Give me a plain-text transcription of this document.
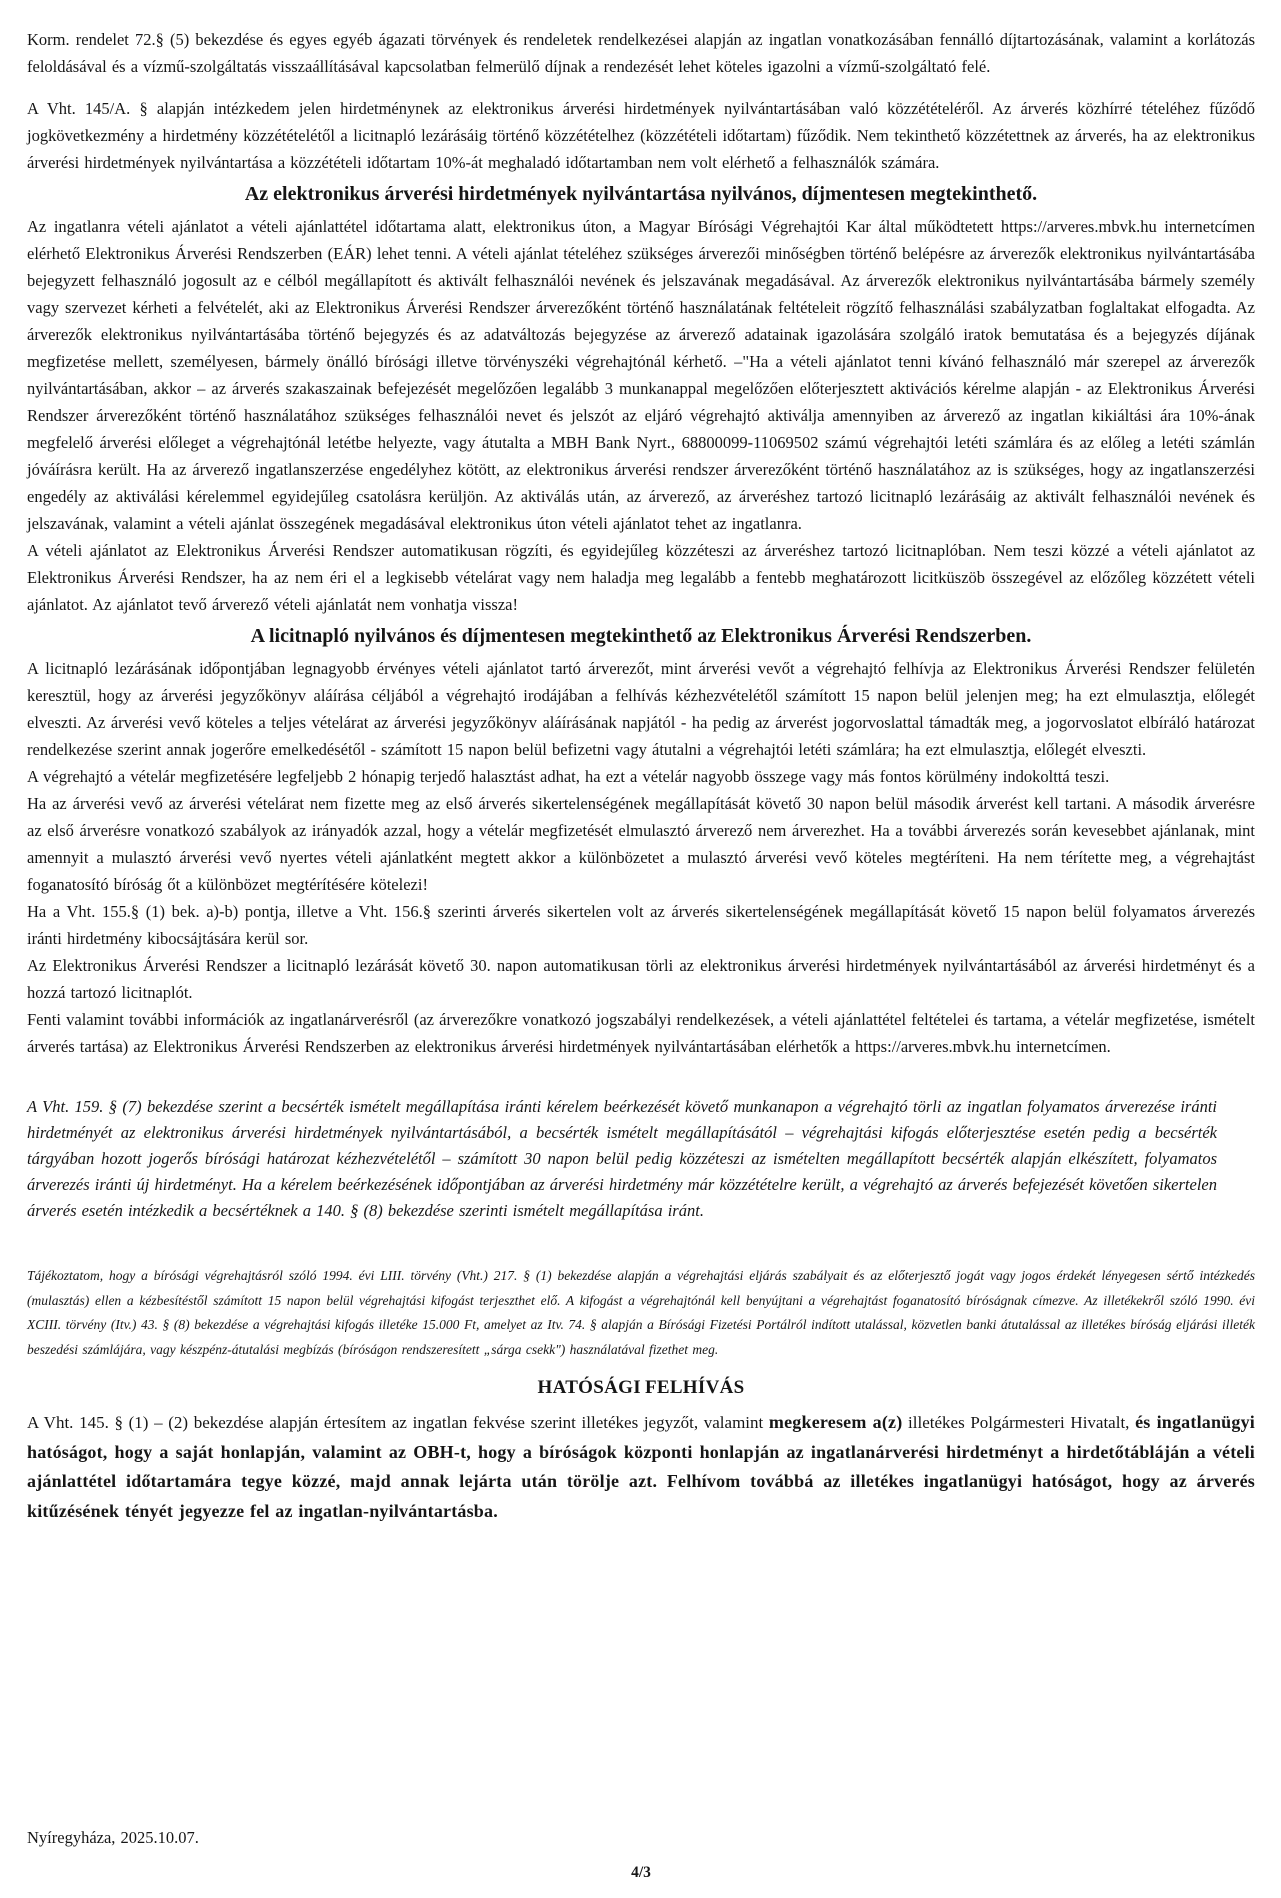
Korm. rendelet 72.§ (5) bekezdése és egyes egyéb ágazati törvények és rendeletek rendelkezései alapján az ingatlan vonatkozásában fennálló díjtartozásának, valamint a korlátozás feloldásával és a vízmű-szolgáltatás visszaállításával kapcsolatban felmerülő díjnak a rendezését lehet köteles igazolni a vízmű-szolgáltató felé.

A Vht. 145/A. § alapján intézkedem jelen hirdetménynek az elektronikus árverési hirdetmények nyilvántartásában való közzétételéről. Az árverés közhírré tételéhez fűződő jogkövetkezmény a hirdetmény közzétételétől a licitnapló lezárásáig történő közzétételhez (közzétételi időtartam) fűződik. Nem tekinthető közzétettnek az árverés, ha az elektronikus árverési hirdetmények nyilvántartása a közzétételi időtartam 10%-át meghaladó időtartamban nem volt elérhető a felhasználók számára.

Az elektronikus árverési hirdetmények nyilvántartása nyilvános, díjmentesen megtekinthető.

Az ingatlanra vételi ajánlatot a vételi ajánlattétel időtartama alatt, elektronikus úton, a Magyar Bírósági Végrehajtói Kar által működtetett https://arveres.mbvk.hu internetcímen elérhető Elektronikus Árverési Rendszerben (EÁR) lehet tenni. A vételi ajánlat tételéhez szükséges árverezői minőségben történő belépésre az árverezők elektronikus nyilvántartásába bejegyzett felhasználó jogosult az e célból megállapított és aktivált felhasználói nevének és jelszavának megadásával. Az árverezők elektronikus nyilvántartásába bármely személy vagy szervezet kérheti a felvételét, aki az Elektronikus Árverési Rendszer árverezőként történő használatának feltételeit rögzítő felhasználási szabályzatban foglaltakat elfogadta. Az árverezők elektronikus nyilvántartásába történő bejegyzés és az adatváltozás bejegyzése az árverező adatainak igazolására szolgáló iratok bemutatása és a bejegyzés díjának megfizetése mellett, személyesen, bármely önálló bírósági illetve törvényszéki végrehajtónál kérhető. –"Ha a vételi ajánlatot tenni kívánó felhasználó már szerepel az árverezők nyilvántartásában, akkor – az árverés szakaszainak befejezését megelőzően legalább 3 munkanappal megelőzően előterjesztett aktivációs kérelme alapján - az Elektronikus Árverési Rendszer árverezőként történő használatához szükséges felhasználói nevet és jelszót az eljáró végrehajtó aktiválja amennyiben az árverező az ingatlan kikiáltási ára 10%-ának megfelelő árverési előleget a végrehajtónál letétbe helyezte, vagy átutalta a MBH Bank Nyrt., 68800099-11069502 számú végrehajtói letéti számlára és az előleg a letéti számlán jóváírásra került. Ha az árverező ingatlanszerzése engedélyhez kötött, az elektronikus árverési rendszer árverezőként történő használatához az is szükséges, hogy az ingatlanszerzési engedély az aktiválási kérelemmel egyidejűleg csatolásra kerüljön. Az aktiválás után, az árverező, az árveréshez tartozó licitnapló lezárásáig az aktivált felhasználói nevének és jelszavának, valamint a vételi ajánlat összegének megadásával elektronikus úton vételi ajánlatot tehet az ingatlanra.

A vételi ajánlatot az Elektronikus Árverési Rendszer automatikusan rögzíti, és egyidejűleg közzéteszi az árveréshez tartozó licitnaplóban. Nem teszi közzé a vételi ajánlatot az Elektronikus Árverési Rendszer, ha az nem éri el a legkisebb vételárat vagy nem haladja meg legalább a fentebb meghatározott licitküszöb összegével az előzőleg közzétett vételi ajánlatot. Az ajánlatot tevő árverező vételi ajánlatát nem vonhatja vissza!

A licitnapló nyilvános és díjmentesen megtekinthető az Elektronikus Árverési Rendszerben.

A licitnapló lezárásának időpontjában legnagyobb érvényes vételi ajánlatot tartó árverezőt, mint árverési vevőt a végrehajtó felhívja az Elektronikus Árverési Rendszer felületén keresztül, hogy az árverési jegyzőkönyv aláírása céljából a végrehajtó irodájában a felhívás kézhezvételétől számított 15 napon belül jelenjen meg; ha ezt elmulasztja, előlegét elveszti. Az árverési vevő köteles a teljes vételárat az árverési jegyzőkönyv aláírásának napjától - ha pedig az árverést jogorvoslattal támadták meg, a jogorvoslatot elbíráló határozat rendelkezése szerint annak jogerőre emelkedésétől - számított 15 napon belül befizetni vagy átutalni a végrehajtói letéti számlára; ha ezt elmulasztja, előlegét elveszti.

A végrehajtó a vételár megfizetésére legfeljebb 2 hónapig terjedő halasztást adhat, ha ezt a vételár nagyobb összege vagy más fontos körülmény indokolttá teszi.

Ha az árverési vevő az árverési vételárat nem fizette meg az első árverés sikertelenségének megállapítását követő 30 napon belül második árverést kell tartani. A második árverésre az első árverésre vonatkozó szabályok az irányadók azzal, hogy a vételár megfizetését elmulasztó árverező nem árverezhet. Ha a további árverezés során kevesebbet ajánlanak, mint amennyit a mulasztó árverési vevő nyertes vételi ajánlatként megtett akkor a különbözetet a mulasztó árverési vevő köteles megtéríteni. Ha nem térítette meg, a végrehajtást foganatosító bíróság őt a különbözet megtérítésére kötelezi!

Ha a Vht. 155.§ (1) bek. a)-b) pontja, illetve a Vht. 156.§ szerinti árverés sikertelen volt az árverés sikertelenségének megállapítását követő 15 napon belül folyamatos árverezés iránti hirdetmény kibocsájtására kerül sor.

Az Elektronikus Árverési Rendszer a licitnapló lezárását követő 30. napon automatikusan törli az elektronikus árverési hirdetmények nyilvántartásából az árverési hirdetményt és a hozzá tartozó licitnaplót.

Fenti valamint további információk az ingatlanárverésről (az árverezőkre vonatkozó jogszabályi rendelkezések, a vételi ajánlattétel feltételei és tartama, a vételár megfizetése, ismételt árverés tartása) az Elektronikus Árverési Rendszerben az elektronikus árverési hirdetmények nyilvántartásában elérhetők a https://arveres.mbvk.hu internetcímen.

A Vht. 159. § (7) bekezdése szerint a becsérték ismételt megállapítása iránti kérelem beérkezését követő munkanapon a végrehajtó törli az ingatlan folyamatos árverezése iránti hirdetményét az elektronikus árverési hirdetmények nyilvántartásából, a becsérték ismételt megállapításától – végrehajtási kifogás előterjesztése esetén pedig a becsérték tárgyában hozott jogerős bírósági határozat kézhezvételétől – számított 30 napon belül pedig közzéteszi az ismételten megállapított becsérték alapján elkészített, folyamatos árverezés iránti új hirdetményt. Ha a kérelem beérkezésének időpontjában az árverési hirdetmény már közzétételre került, a végrehajtó az árverés befejezését követően sikertelen árverés esetén intézkedik a becsértéknek a 140. § (8) bekezdése szerinti ismételt megállapítása iránt.

Tájékoztatom, hogy a bírósági végrehajtásról szóló 1994. évi LIII. törvény (Vht.) 217. § (1) bekezdése alapján a végrehajtási eljárás szabályait és az előterjesztő jogát vagy jogos érdekét lényegesen sértő intézkedés (mulasztás) ellen a kézbesítéstől számított 15 napon belül végrehajtási kifogást terjeszthet elő. A kifogást a végrehajtónál kell benyújtani a végrehajtást foganatosító bíróságnak címezve. Az illetékekről szóló 1990. évi XCIII. törvény (Itv.) 43. § (8) bekezdése a végrehajtási kifogás illetéke 15.000 Ft, amelyet az Itv. 74. § alapján a Bírósági Fizetési Portálról indított utalással, közvetlen banki átutalással az illetékes bíróság eljárási illeték beszedési számlájára, vagy készpénz-átutalási megbízás (bíróságon rendszeresített „sárga csekk") használatával fizethet meg.

HATÓSÁGI FELHÍVÁS

A Vht. 145. § (1) – (2) bekezdése alapján értesítem az ingatlan fekvése szerint illetékes jegyzőt, valamint megkeresem a(z) illetékes Polgármesteri Hivatalt, és ingatlanügyi hatóságot, hogy a saját honlapján, valamint az OBH-t, hogy a bíróságok központi honlapján az ingatlanárverési hirdetményt a hirdetőtábláján a vételi ajánlattétel időtartamára tegye közzé, majd annak lejárta után törölje azt. Felhívom továbbá az illetékes ingatlanügyi hatóságot, hogy az árverés kitűzésének tényét jegyezze fel az ingatlan-nyilvántartásba.

Nyíregyháza, 2025.10.07.

4/3
